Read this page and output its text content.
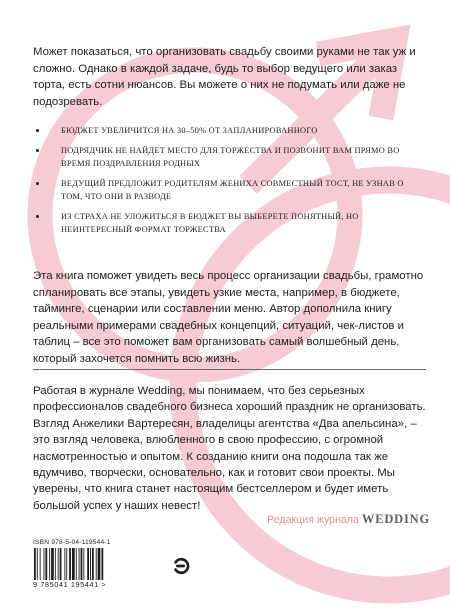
Может показаться, что организовать свадьбу своими руками не так уж и сложно. Однако в каждой задаче, будь то выбор ведущего или заказ торта, есть сотни нюансов. Вы можете о них не подумать или даже не подозревать.

БЮДЖЕТ УВЕЛИЧИТСЯ НА 30–50% ОТ ЗАПЛАНИРОВАННОГО
ПОДРЯДЧИК НЕ НАЙДЕТ МЕСТО ДЛЯ ТОРЖЕСТВА И ПОЗВОНИТ ВАМ ПРЯМО ВО ВРЕМЯ ПОЗДРАВЛЕНИЯ РОДНЫХ
ВЕДУЩИЙ ПРЕДЛОЖИТ РОДИТЕЛЯМ ЖЕНИХА СОВМЕСТНЫЙ ТОСТ, НЕ УЗНАВ О ТОМ, ЧТО ОНИ В РАЗВОДЕ
ИЗ СТРАХА НЕ УЛОЖИТЬСЯ В БЮДЖЕТ ВЫ ВЫБЕРЕТЕ ПОНЯТНЫЙ, НО НЕИНТЕРЕСНЫЙ ФОРМАТ ТОРЖЕСТВА

Эта книга поможет увидеть весь процесс организации свадьбы, грамотно спланировать все этапы, увидеть узкие места, например, в бюджете, тайминге, сценарии или составлении меню. Автор дополнила книгу реальными примерами свадебных концепций, ситуаций, чек-листов и таблиц – все это поможет вам организовать самый волшебный день, который захочется помнить всю жизнь.

Работая в журнале Wedding, мы понимаем, что без серьезных профессионалов свадебного бизнеса хороший праздник не организовать. Взгляд Анжелики Вартересян, владелицы агентства «Два апельсина», – это взгляд человека, влюбленного в свою профессию, с огромной насмотренностью и опытом. К созданию книги она подошла так же вдумчиво, творчески, основательно, как и готовит свои проекты. Мы уверены, что книга станет настоящим бестселлером и будет иметь большой успех у наших невест!

Редакция журнала WEDDING
ISBN 978-5-04-119544-1
9 785041 195441 >
